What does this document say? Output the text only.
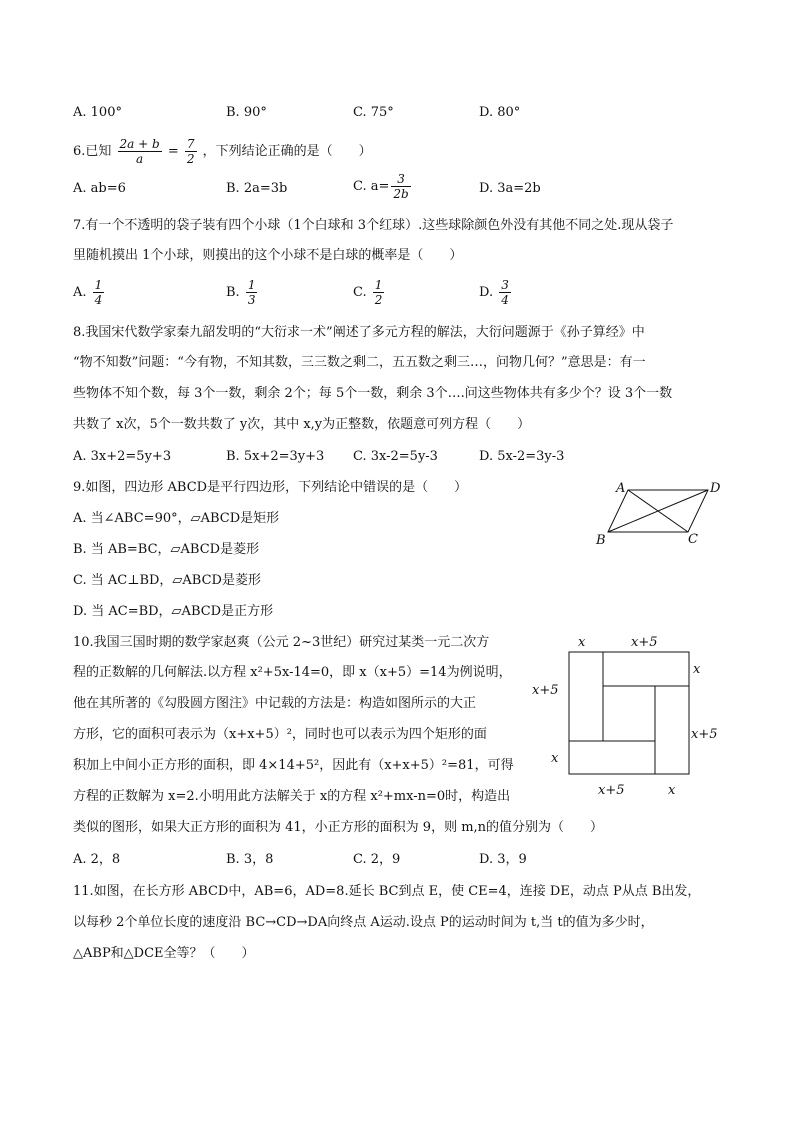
A. 100°	B. 90°	C. 75°	D. 80°
6.已知 $\frac{2a + b}{a} = \frac{7}{2}$ ，下列结论正确的是（　　）
A. ab=6	B. 2a=3b	C. $a= \frac{3}{2b}$	D. 3a=2b
7.有一个不透明的袋子装有四个小球（1个白球和 3个红球）.这些球除颜色外没有其他不同之处.现从袋子
里随机摸出 1个小球，则摸出的这个小球不是白球的概率是（　　）
A. $\frac{1}{4}$	B. $\frac{1}{3}$	C. $\frac{1}{2}$	D. $\frac{3}{4}$
8.我国宋代数学家秦九韶发明的“大衍求一术”阐述了多元方程的解法，大衍问题源于《孙子算经》中
“物不知数”问题：“今有物，不知其数，三三数之剩二，五五数之剩三…，问物几何？”意思是：有一
些物体不知个数，每 3个一数，剩余 2个；每 5个一数，剩余 3个….问这些物体共有多少个？设 3个一数
共数了 x次，5个一数共数了 y次，其中 x,y为正整数，依题意可列方程（　　）
A. 3x+2=5y+3	B. 5x+2=3y+3 C. 3x-2=5y-3	D. 5x-2=3y-3
9.如图，四边形 ABCD是平行四边形，下列结论中错误的是（　　）
A. 当∠ABC=90°，▱ABCD是矩形
B. 当 AB=BC，▱ABCD是菱形
C. 当 AC⊥BD，▱ABCD是菱形
D. 当 AC=BD，▱ABCD是正方形
A	D
B	C
10.我国三国时期的数学家赵爽（公元 2~3世纪）研究过某类一元二次方
程的正数解的几何解法.以方程 x²+5x-14=0，即 x（x+5）=14为例说明，
他在其所著的《勾股圆方图注》中记载的方法是：构造如图所示的大正
方形，它的面积可表示为（x+x+5）²，同时也可以表示为四个矩形的面
积加上中间小正方形的面积，即 4×14+5²，因此有（x+x+5）²=81，可得
方程的正数解为 x=2.小明用此方法解关于 x的方程 x²+mx-n=0时，构造出
类似的图形，如果大正方形的面积为 41，小正方形的面积为 9，则 m,n的值分别为（　　）
A. 2，8	B. 3，8	C. 2，9	D. 3，9
x	x+5
x
x+5
x+5
x
x+5	x
11.如图，在长方形 ABCD中，AB=6，AD=8.延长 BC到点 E，使 CE=4，连接 DE，动点 P从点 B出发，
以每秒 2个单位长度的速度沿 BC→CD→DA向终点 A运动.设点 P的运动时间为 t,当 t的值为多少时，
△ABP和△DCE全等？（　　）
